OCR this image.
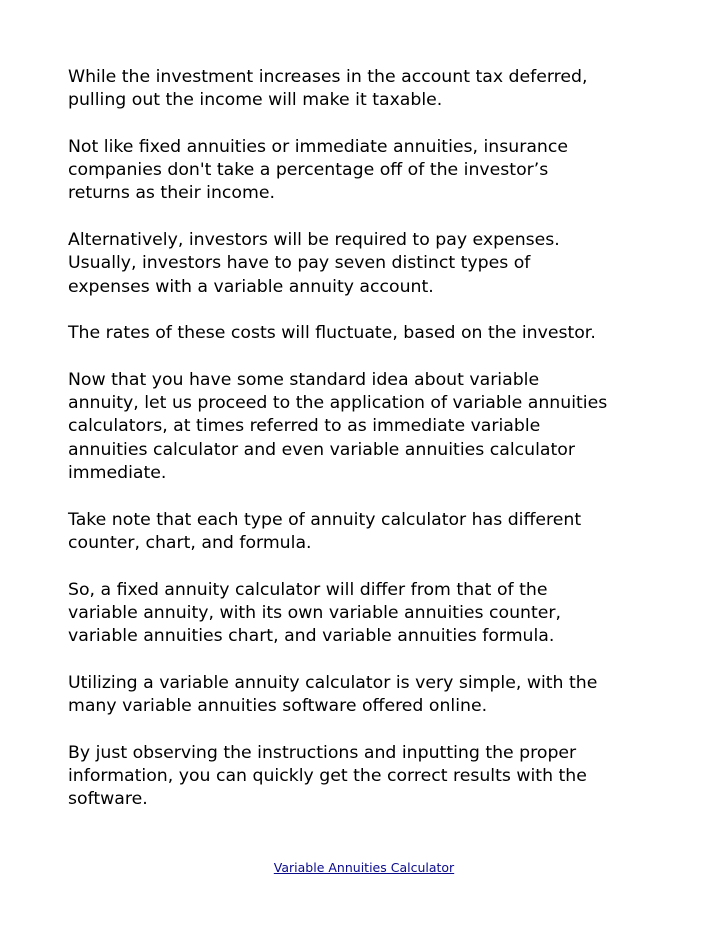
While the investment increases in the account tax deferred,
pulling out the income will make it taxable.

Not like fixed annuities or immediate annuities, insurance
companies don't take a percentage off of the investor’s
returns as their income.

Alternatively, investors will be required to pay expenses.
Usually, investors have to pay seven distinct types of
expenses with a variable annuity account.

The rates of these costs will fluctuate, based on the investor.

Now that you have some standard idea about variable
annuity, let us proceed to the application of variable annuities
calculators, at times referred to as immediate variable
annuities calculator and even variable annuities calculator
immediate.

Take note that each type of annuity calculator has different
counter, chart, and formula.

So, a fixed annuity calculator will differ from that of the
variable annuity, with its own variable annuities counter,
variable annuities chart, and variable annuities formula.

Utilizing a variable annuity calculator is very simple, with the
many variable annuities software offered online.

By just observing the instructions and inputting the proper
information, you can quickly get the correct results with the
software.

Variable Annuities Calculator
